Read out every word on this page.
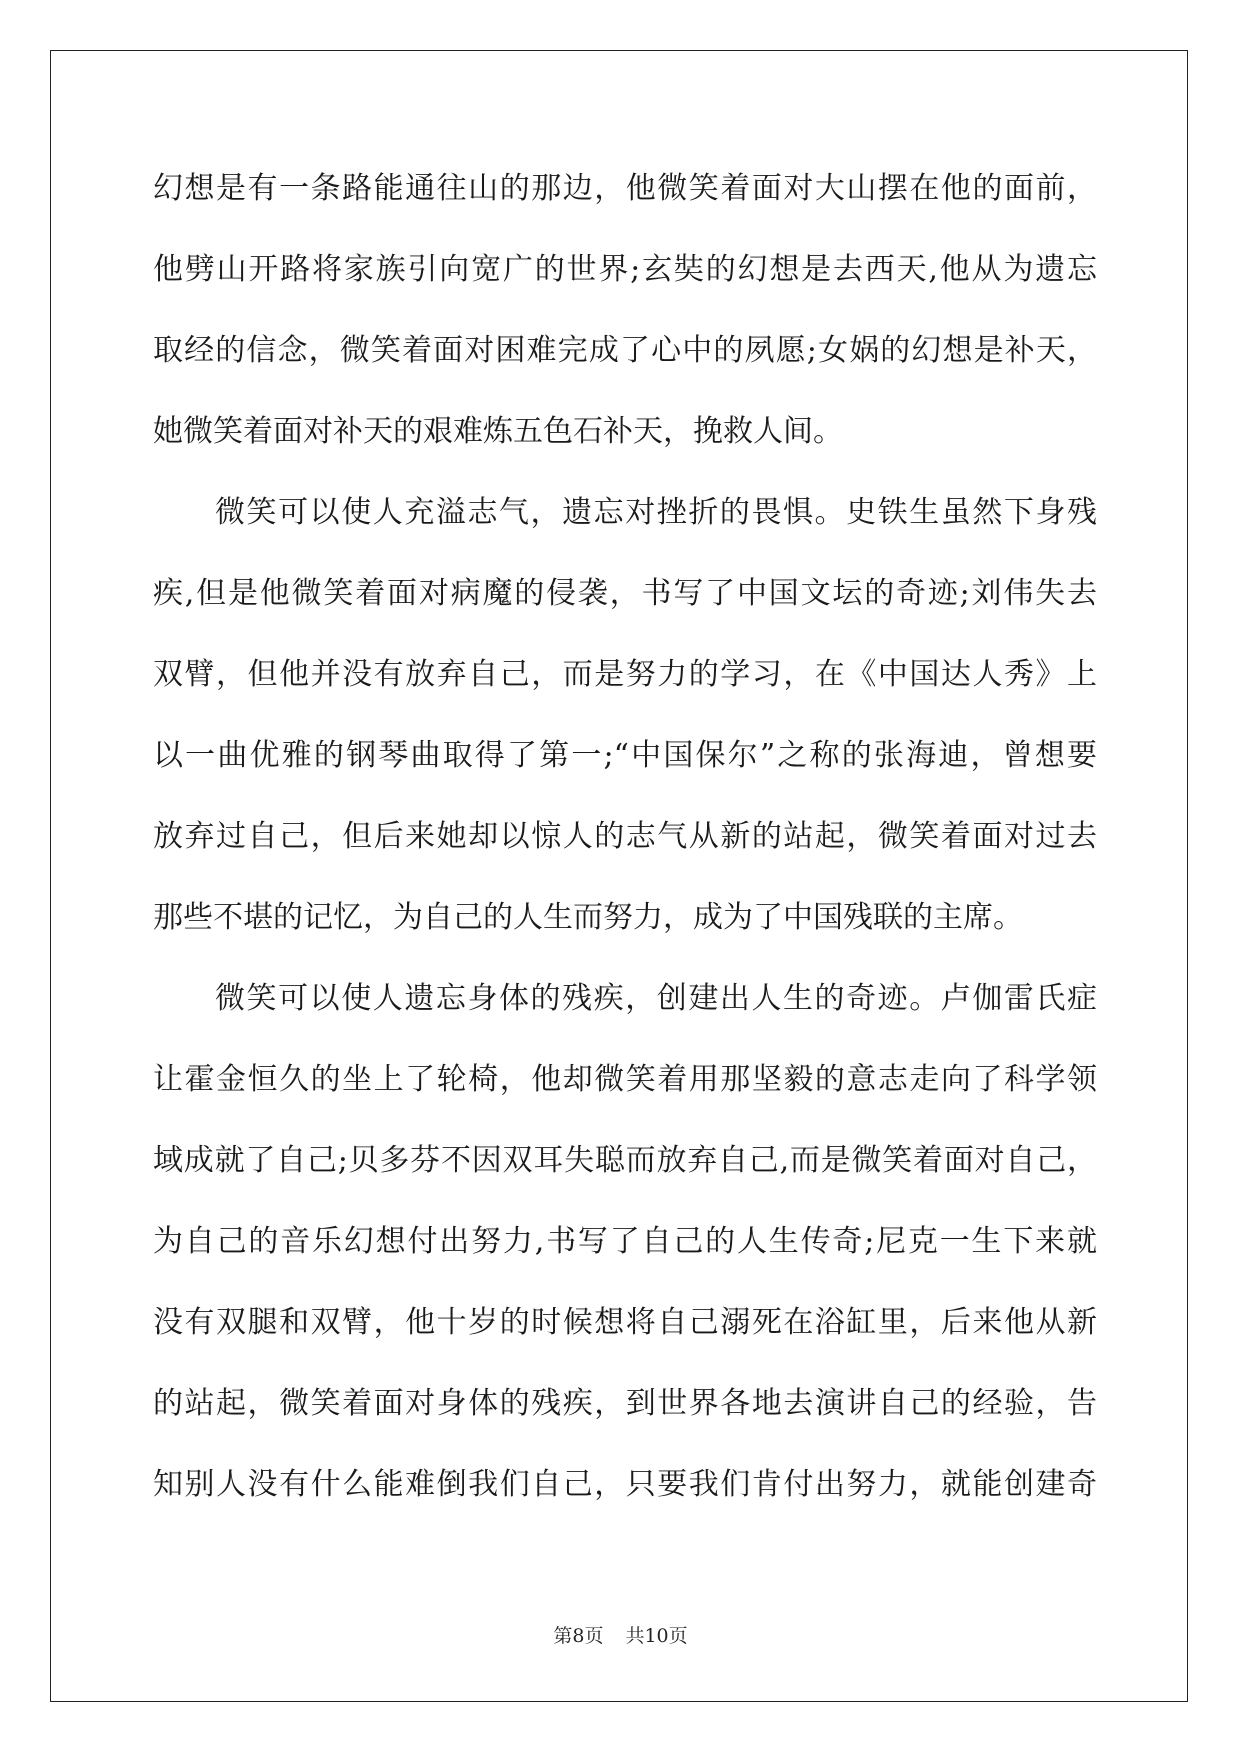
幻想是有一条路能通往山的那边，他微笑着面对大山摆在他的面前，
他劈山开路将家族引向宽广的世界;玄奘的幻想是去西天,他从为遗忘
取经的信念，微笑着面对困难完成了心中的夙愿;女娲的幻想是补天，
她微笑着面对补天的艰难炼五色石补天，挽救人间。
微笑可以使人充溢志气，遗忘对挫折的畏惧。史铁生虽然下身残
疾,但是他微笑着面对病魔的侵袭，书写了中国文坛的奇迹;刘伟失去
双臂，但他并没有放弃自己，而是努力的学习，在《中国达人秀》上
以一曲优雅的钢琴曲取得了第一;“中国保尔”之称的张海迪，曾想要
放弃过自己，但后来她却以惊人的志气从新的站起，微笑着面对过去
那些不堪的记忆，为自己的人生而努力，成为了中国残联的主席。
微笑可以使人遗忘身体的残疾，创建出人生的奇迹。卢伽雷氏症
让霍金恒久的坐上了轮椅，他却微笑着用那坚毅的意志走向了科学领
域成就了自己;贝多芬不因双耳失聪而放弃自己,而是微笑着面对自己，
为自己的音乐幻想付出努力,书写了自己的人生传奇;尼克一生下来就
没有双腿和双臂，他十岁的时候想将自己溺死在浴缸里，后来他从新
的站起，微笑着面对身体的残疾，到世界各地去演讲自己的经验，告
知别人没有什么能难倒我们自己，只要我们肯付出努力，就能创建奇
第8页 共10页
